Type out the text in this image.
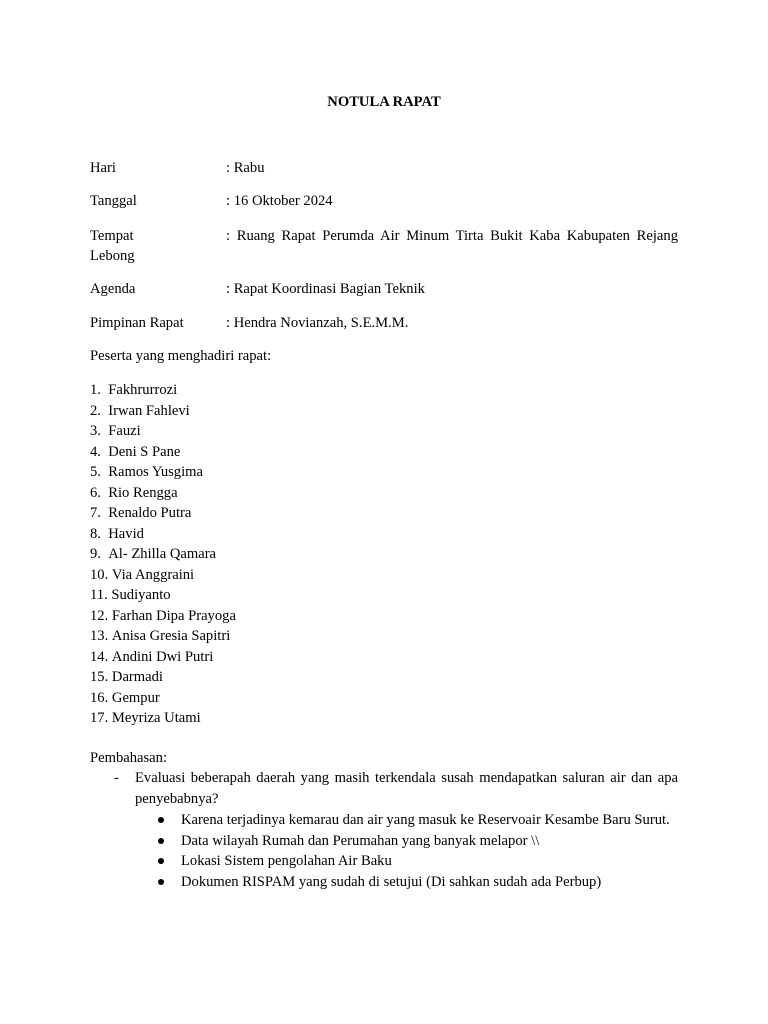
NOTULA RAPAT
Hari	: Rabu
Tanggal	: 16 Oktober 2024
Tempat	: Ruang Rapat Perumda Air Minum Tirta Bukit Kaba Kabupaten Rejang
Lebong
Agenda	: Rapat Koordinasi Bagian Teknik
Pimpinan Rapat	: Hendra Novianzah, S.E.M.M.
Peserta yang menghadiri rapat:
1. Fakhrurrozi
2. Irwan Fahlevi
3. Fauzi
4. Deni S Pane
5. Ramos Yusgima
6. Rio Rengga
7. Renaldo Putra
8. Havid
9. Al- Zhilla Qamara
10. Via Anggraini
11. Sudiyanto
12. Farhan Dipa Prayoga
13. Anisa Gresia Sapitri
14. Andini Dwi Putri
15. Darmadi
16. Gempur
17. Meyriza Utami
Pembahasan:
- Evaluasi beberapah daerah yang masih terkendala susah mendapatkan saluran air dan apa penyebabnya?
Karena terjadinya kemarau dan air yang masuk ke Reservoair Kesambe Baru Surut.
Data wilayah Rumah dan Perumahan yang banyak melapor \\
Lokasi Sistem pengolahan Air Baku
Dokumen RISPAM yang sudah di setujui (Di sahkan sudah ada Perbup)
